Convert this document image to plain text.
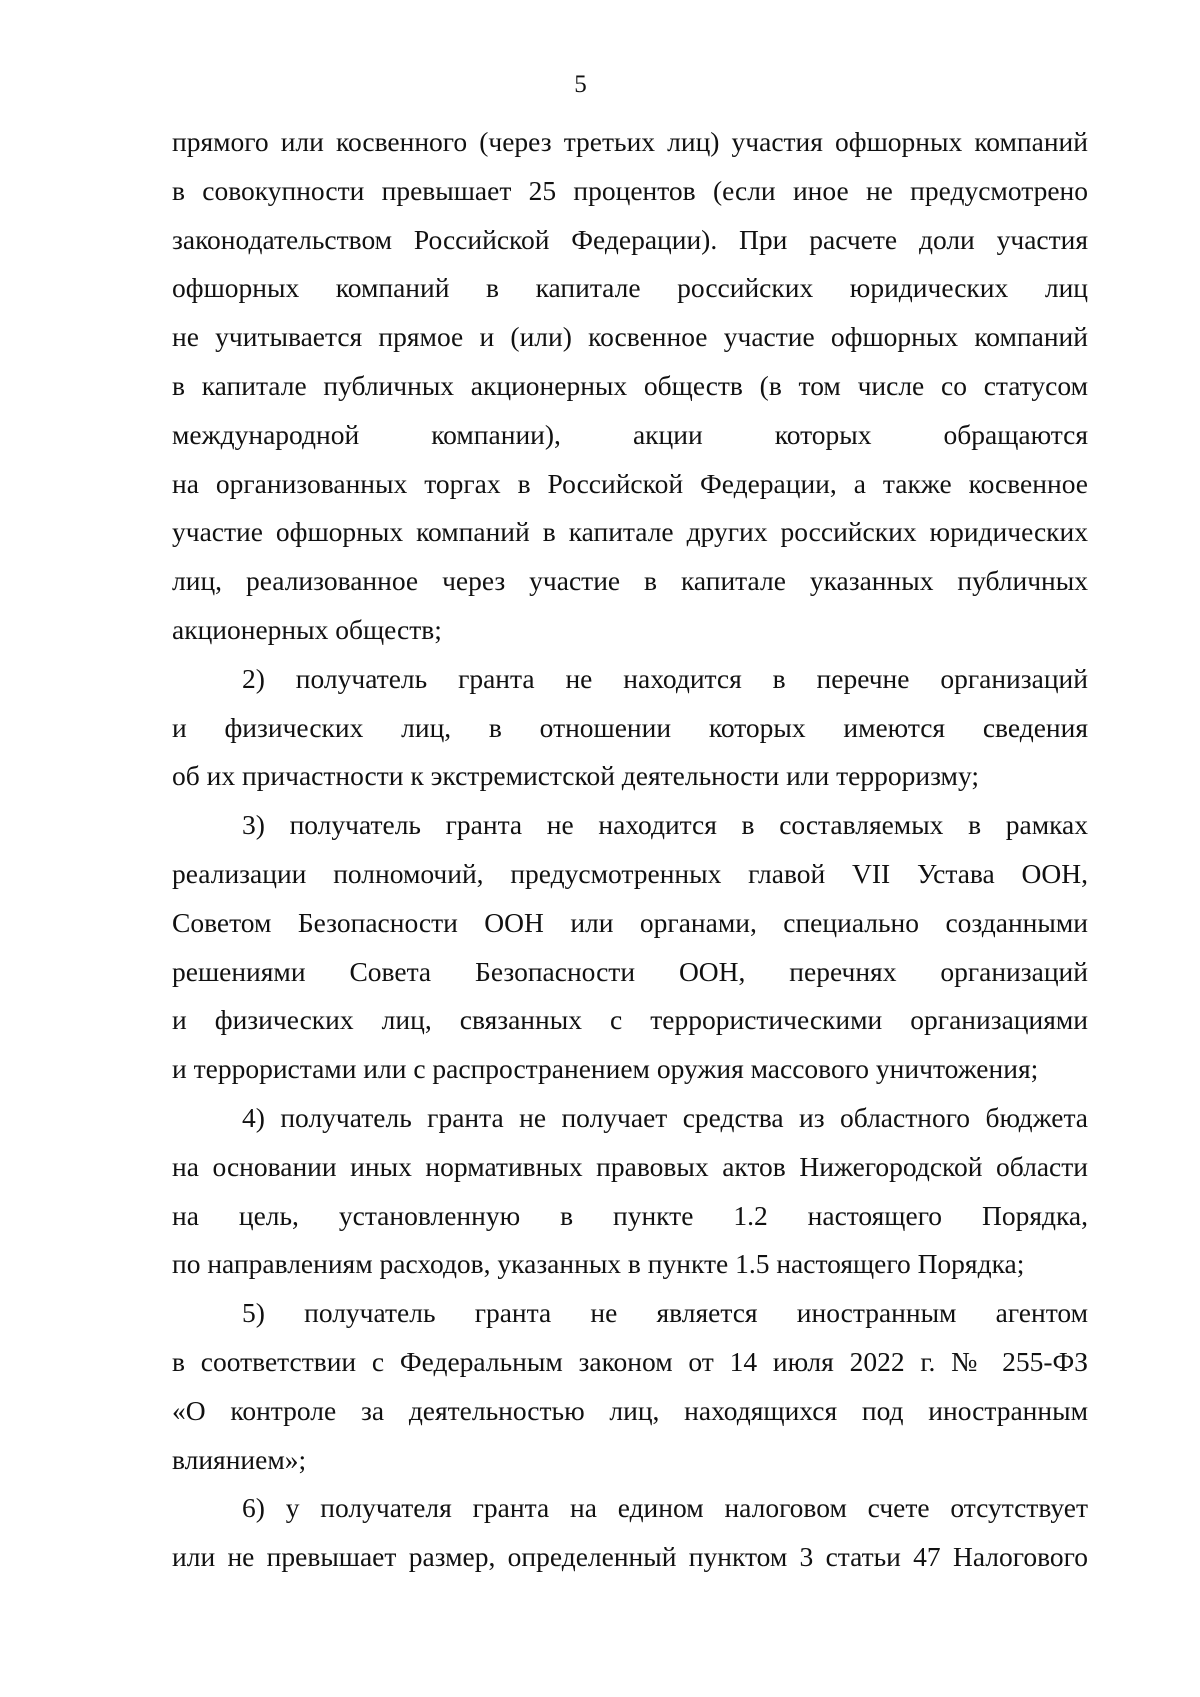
5
прямого или косвенного (через третьих лиц) участия офшорных компаний
в совокупности превышает 25 процентов (если иное не предусмотрено
законодательством Российской Федерации). При расчете доли участия
офшорных компаний в капитале российских юридических лиц
не учитывается прямое и (или) косвенное участие офшорных компаний
в капитале публичных акционерных обществ (в том числе со статусом
международной компании), акции которых обращаются
на организованных торгах в Российской Федерации, а также косвенное
участие офшорных компаний в капитале других российских юридических
лиц, реализованное через участие в капитале указанных публичных
акционерных обществ;
2) получатель гранта не находится в перечне организаций
и физических лиц, в отношении которых имеются сведения
об их причастности к экстремистской деятельности или терроризму;
3) получатель гранта не находится в составляемых в рамках
реализации полномочий, предусмотренных главой VII Устава ООН,
Советом Безопасности ООН или органами, специально созданными
решениями Совета Безопасности ООН, перечнях организаций
и физических лиц, связанных с террористическими организациями
и террористами или с распространением оружия массового уничтожения;
4) получатель гранта не получает средства из областного бюджета
на основании иных нормативных правовых актов Нижегородской области
на цель, установленную в пункте 1.2 настоящего Порядка,
по направлениям расходов, указанных в пункте 1.5 настоящего Порядка;
5) получатель гранта не является иностранным агентом
в соответствии с Федеральным законом от 14 июля 2022 г. № 255-ФЗ
«О контроле за деятельностью лиц, находящихся под иностранным
влиянием»;
6) у получателя гранта на едином налоговом счете отсутствует
или не превышает размер, определенный пунктом 3 статьи 47 Налогового
